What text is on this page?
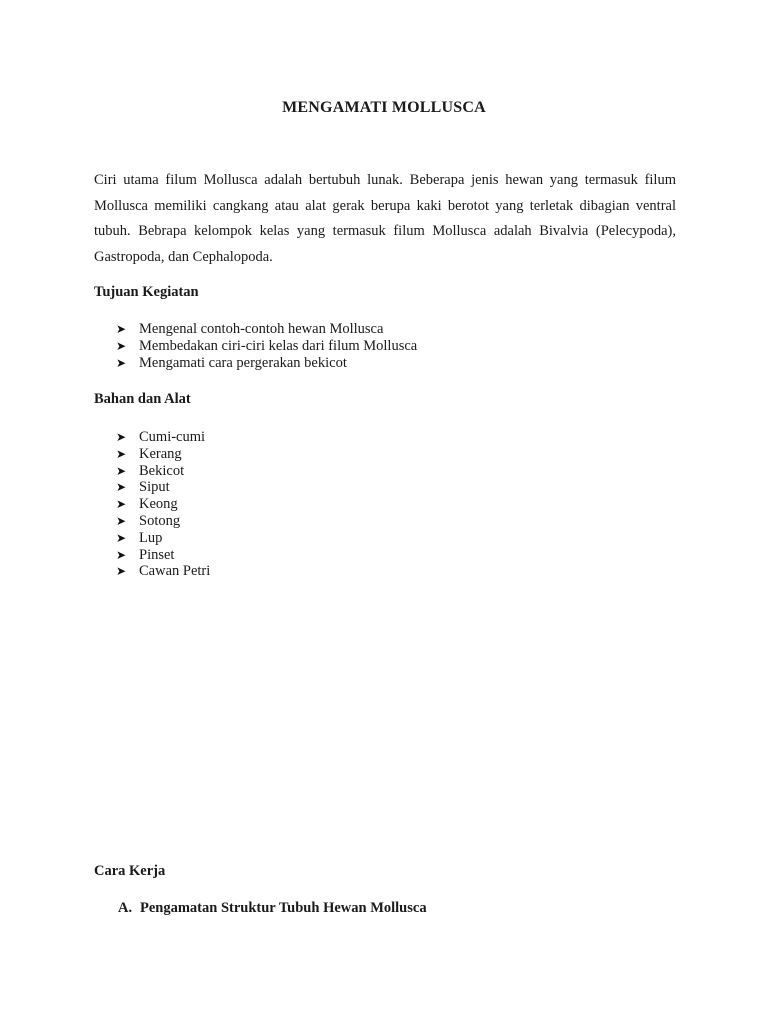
MENGAMATI MOLLUSCA

Ciri utama filum Mollusca adalah bertubuh lunak. Beberapa jenis hewan yang termasuk filum Mollusca memiliki cangkang atau alat gerak berupa kaki berotot yang terletak dibagian ventral tubuh. Bebrapa kelompok kelas yang termasuk filum Mollusca adalah Bivalvia (Pelecypoda), Gastropoda, dan Cephalopoda.

Tujuan Kegiatan
➤ Mengenal contoh-contoh hewan Mollusca
➤ Membedakan ciri-ciri kelas dari filum Mollusca
➤ Mengamati cara pergerakan bekicot
Bahan dan Alat
➤ Cumi-cumi
➤ Kerang
➤ Bekicot
➤ Siput
➤ Keong
➤ Sotong
➤ Lup
➤ Pinset
➤ Cawan Petri
Cara Kerja
A. Pengamatan Struktur Tubuh Hewan Mollusca
